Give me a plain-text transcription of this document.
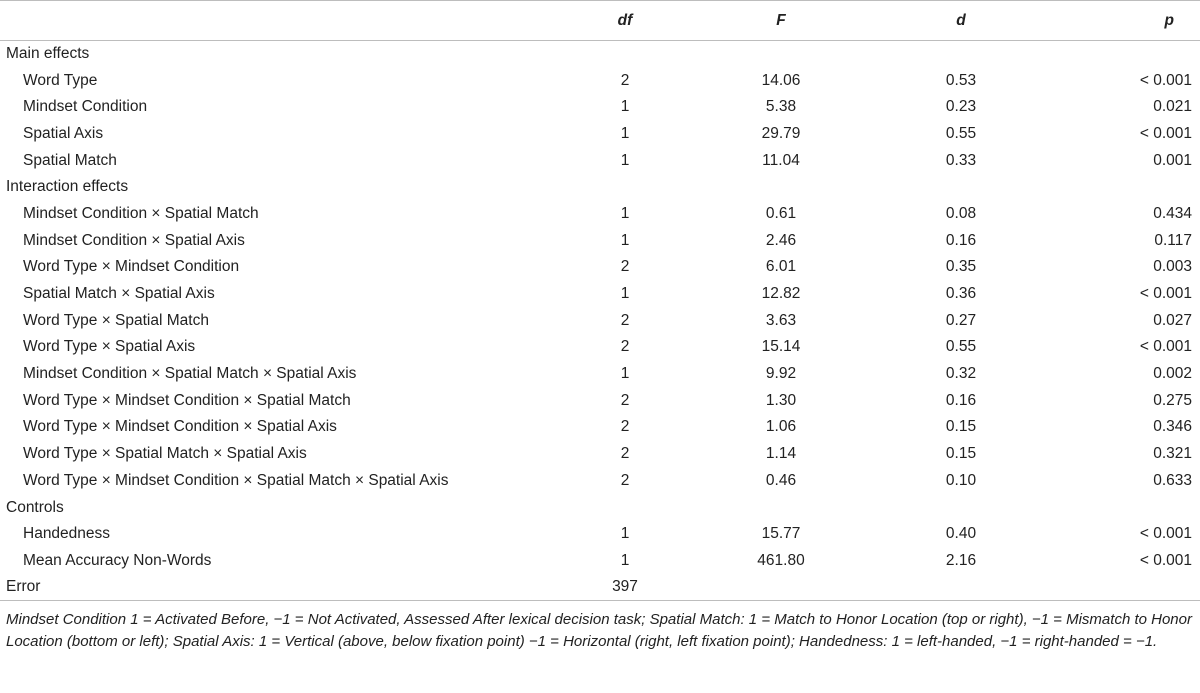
	df	F	d	p
Main effects				
Word Type	2	14.06	0.53	< 0.001
Mindset Condition	1	5.38	0.23	0.021
Spatial Axis	1	29.79	0.55	< 0.001
Spatial Match	1	11.04	0.33	0.001
Interaction effects				
Mindset Condition × Spatial Match	1	0.61	0.08	0.434
Mindset Condition × Spatial Axis	1	2.46	0.16	0.117
Word Type × Mindset Condition	2	6.01	0.35	0.003
Spatial Match × Spatial Axis	1	12.82	0.36	< 0.001
Word Type × Spatial Match	2	3.63	0.27	0.027
Word Type × Spatial Axis	2	15.14	0.55	< 0.001
Mindset Condition × Spatial Match × Spatial Axis	1	9.92	0.32	0.002
Word Type × Mindset Condition × Spatial Match	2	1.30	0.16	0.275
Word Type × Mindset Condition × Spatial Axis	2	1.06	0.15	0.346
Word Type × Spatial Match × Spatial Axis	2	1.14	0.15	0.321
Word Type × Mindset Condition × Spatial Match × Spatial Axis	2	0.46	0.10	0.633
Controls				
Handedness	1	15.77	0.40	< 0.001
Mean Accuracy Non-Words	1	461.80	2.16	< 0.001
Error	397			
Mindset Condition 1 = Activated Before, −1 = Not Activated, Assessed After lexical decision task; Spatial Match: 1 = Match to Honor Location (top or right), −1 = Mismatch to Honor Location (bottom or left); Spatial Axis: 1 = Vertical (above, below fixation point) −1 = Horizontal (right, left fixation point); Handedness: 1 = left-handed, −1 = right-handed = −1.
